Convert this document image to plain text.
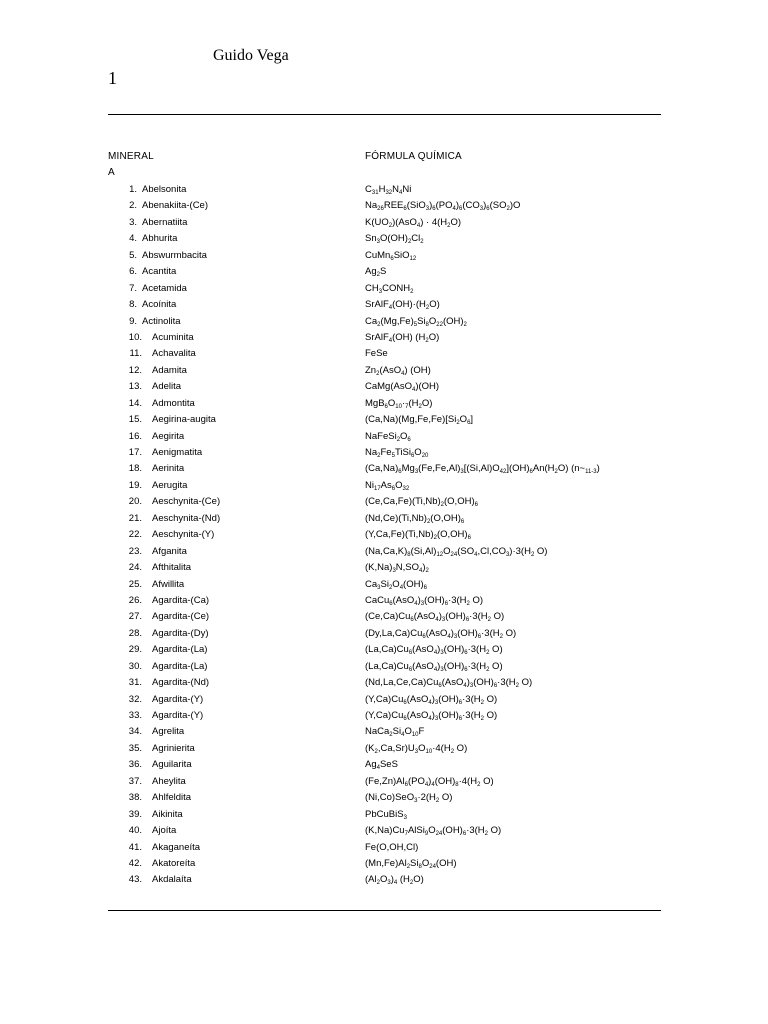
Guido Vega
1
MINERAL	FÓRMULA QUÍMICA
A
1. Abelsonita	$C_{31}H_{32}N_4Ni$
2. Abenakiita-(Ce)	$Na_{26}REE_6(SiO_3)_6(PO_4)_6(CO_3)_6(SO_2)O$
3. Abernatiita	$K(UO_2)(AsO_4) \cdot 4(H_2O)$
4. Abhurita	$Sn_3O(OH)_2Cl_2$
5. Abswurmbacita	CuMn$_6$SiO$_{12}$
6. Acantita	$Ag_2S$
7. Acetamida	$CH_3CONH_2$
8. Acoínita	$SrAlF_4(OH)\cdot(H_2O)$
9. Actinolita	$Ca_2(Mg,Fe)_5Si_8O_{22}(OH)_2$
10. Acuminita	SrAlF$_4$(OH) $(H_2O)$
11. Achavalita	FeSe
12. Adamita	$Zn_2(AsO_4)$ (OH)
13. Adelita	CaMg(AsO$_4$)(OH)
14. Admontita	$MgB_6O_{10}\cdot_7(H_2O)$
15. Aegirina-augita	$(Ca,Na)(Mg,Fe,Fe)[Si_2O_6]$
16. Aegirita	$NaFeSi_2O_6$
17. Aenigmatita	$Na_2Fe_5TiSi_6O_{20}$
18. Aerinita	$(Ca,Na)_6Mg_3(Fe,Fe,Al)_3[(Si,Al)O_{42}](OH)_6An(H_2O)$ $(n\sim_{11-3})$
19. Aerugita	$Ni_{17}As_6O_{32}$
20. Aeschynita-(Ce)	$(Ce,Ca,Fe)(Ti,Nb)_2(O,OH)_6$
21. Aeschynita-(Nd)	$(Nd,Ce)(Ti,Nb)_2(O,OH)_6$
22. Aeschynita-(Y)	$(Y,Ca,Fe)(Ti,Nb)_2(O,OH)_6$
23. Afganita	$(Na,Ca,K)_8(Si,Al)_{12}O_{24}(SO_4,Cl,CO_3)\cdot 3(H_2$ O)
24. Afthitalita	$(K,Na)_3N,SO_4)_2$
25. Afwillita	$Ca_3Si_2O_4(OH)_6$
26. Agardita-(Ca)	$CaCu_6(AsO_4)_3(OH)_6\cdot 3(H_2$ O)
27. Agardita-(Ce)	$(Ce,Ca)Cu_6(AsO_4)_3(OH)_6\cdot 3(H_2$ O)
28. Agardita-(Dy)	$(Dy,La,Ca)Cu_6(AsO_4)_3(OH)_6\cdot 3(H_2$ O)
29. Agardita-(La)	$(La,Ca)Cu_6(AsO_4)_3(OH)_6\cdot 3(H_2$ O)
30. Agardita-(La)	$(La,Ca)Cu_6(AsO_4)_3(OH)_6\cdot 3(H_2$ O)
31. Agardita-(Nd)	$(Nd,La,Ce,Ca)Cu_6(AsO_4)_3(OH)_6\cdot 3(H_2$ O)
32. Agardita-(Y)	$(Y,Ca)Cu_6(AsO_4)_3(OH)_6\cdot 3(H_2$ O)
33. Agardita-(Y)	$(Y,Ca)Cu_6(AsO_4)_3(OH)_6\cdot 3(H_2$ O)
34. Agrelita	$NaCa_2Si_4O_{10}F$
35. Agrinierita	$(K_2,Ca,Sr)U_3O_{10}\cdot 4(H_2$ O)
36. Aguilarita	$Ag_4SeS$
37. Aheylita	$(Fe,Zn)Al_6(PO_4)_4(OH)_8\cdot 4(H_2$ O)
38. Ahlfeldita	$(Ni,Co)SeO_3\cdot 2(H_2$ O)
39. Aikinita	PbCuBiS$_3$
40. Ajoíta	$(K,Na)Cu_7AlSi_9O_{24}(OH)_6\cdot 3(H_2$ O)
41. Akaganeíta	Fe(O,OH,Cl)
42. Akatoreíta	$(Mn,Fe)Al_2Si_8O_{24}(OH)$
43. Akdalaíta	$(Al_2O_3)_4$ $(H_2O)$
